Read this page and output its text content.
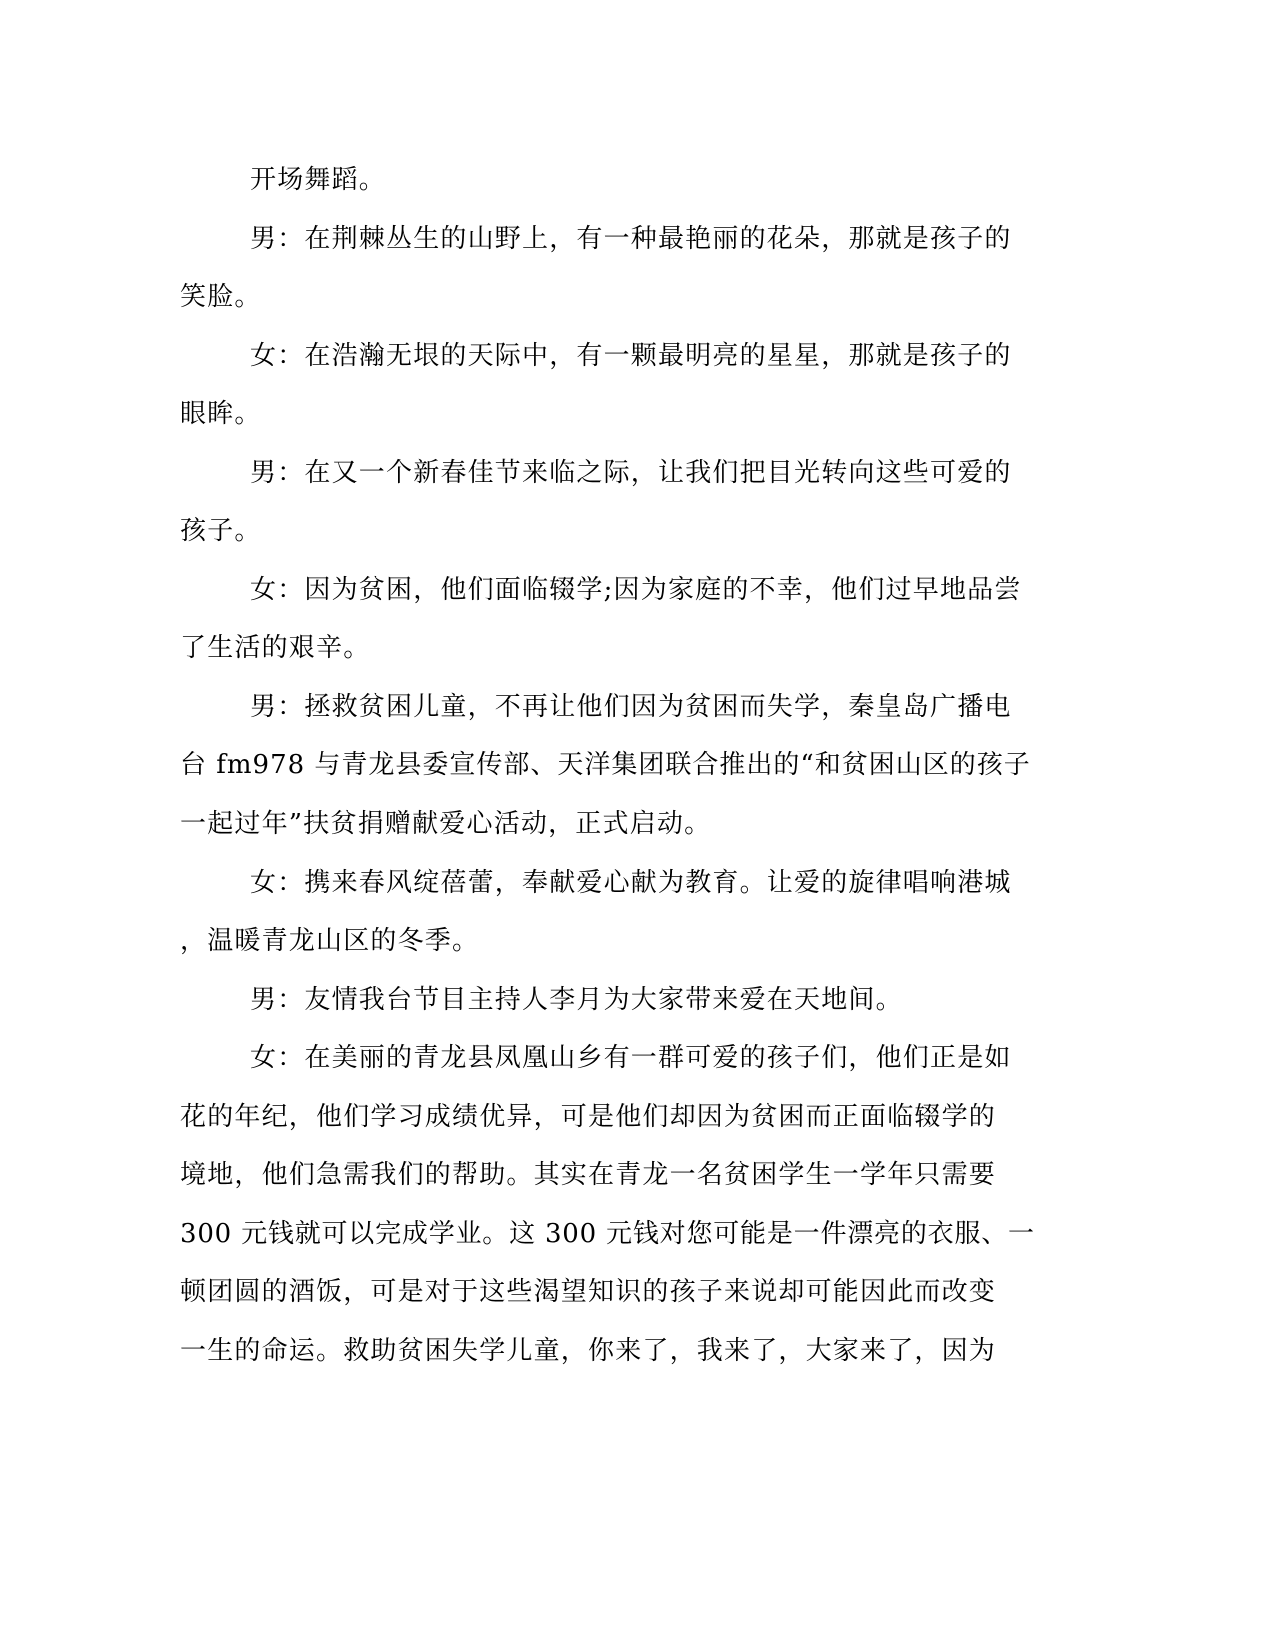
开场舞蹈。
男：在荆棘丛生的山野上，有一种最艳丽的花朵，那就是孩子的
笑脸。
女：在浩瀚无垠的天际中，有一颗最明亮的星星，那就是孩子的
眼眸。
男：在又一个新春佳节来临之际，让我们把目光转向这些可爱的
孩子。
女：因为贫困，他们面临辍学;因为家庭的不幸，他们过早地品尝
了生活的艰辛。
男：拯救贫困儿童，不再让他们因为贫困而失学，秦皇岛广播电
台 fm978 与青龙县委宣传部、天洋集团联合推出的“和贫困山区的孩子
一起过年”扶贫捐赠献爱心活动，正式启动。
女：携来春风绽蓓蕾，奉献爱心献为教育。让爱的旋律唱响港城
，温暖青龙山区的冬季。
男：友情我台节目主持人李月为大家带来爱在天地间。
女：在美丽的青龙县凤凰山乡有一群可爱的孩子们，他们正是如
花的年纪，他们学习成绩优异，可是他们却因为贫困而正面临辍学的
境地，他们急需我们的帮助。其实在青龙一名贫困学生一学年只需要
300 元钱就可以完成学业。这 300 元钱对您可能是一件漂亮的衣服、一
顿团圆的酒饭，可是对于这些渴望知识的孩子来说却可能因此而改变
一生的命运。救助贫困失学儿童，你来了，我来了，大家来了，因为
